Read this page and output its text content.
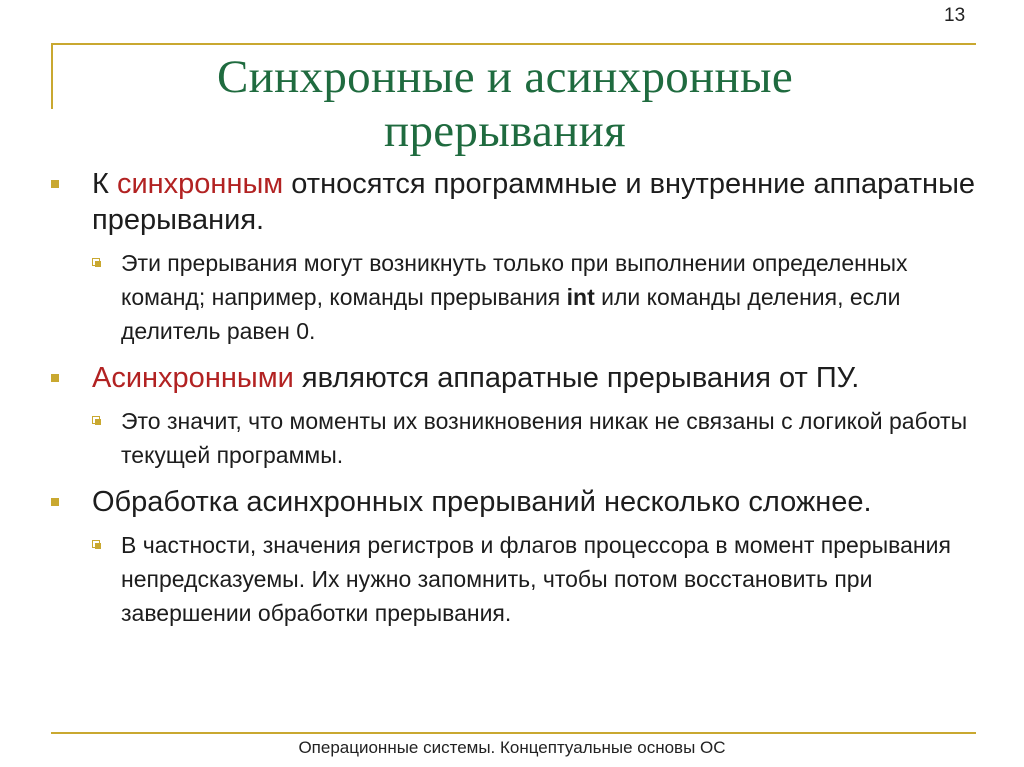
13
Синхронные и асинхронные
прерывания
К синхронным относятся программные и внутренние аппаратные прерывания.
Эти прерывания могут возникнуть только при выполнении определенных команд; например, команды прерывания int или команды деления, если делитель равен 0.
Асинхронными являются аппаратные прерывания от ПУ.
Это значит, что моменты их возникновения никак не связаны с логикой работы текущей программы.
Обработка асинхронных прерываний несколько сложнее.
В частности, значения регистров и флагов процессора в момент прерывания непредсказуемы. Их нужно запомнить, чтобы потом восстановить при завершении обработки прерывания.
Операционные системы. Концептуальные основы ОС
